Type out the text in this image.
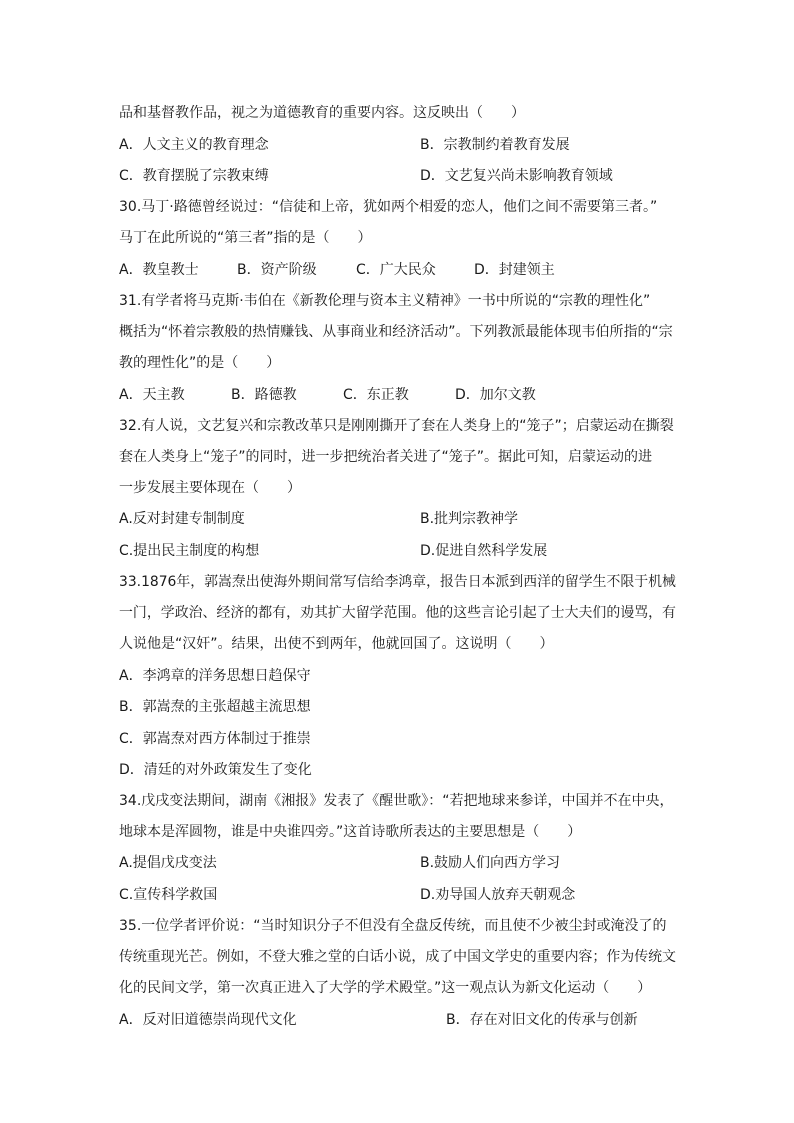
品和基督教作品，视之为道德教育的重要内容。这反映出（　　）
A．人文主义的教育理念	B．宗教制约着教育发展
C．教育摆脱了宗教束缚	D．文艺复兴尚未影响教育领域
30.马丁·路德曾经说过：“信徒和上帝，犹如两个相爱的恋人，他们之间不需要第三者。”
马丁在此所说的“第三者”指的是（　　）
A．教皇教士	B．资产阶级	C．广大民众	D．封建领主
31.有学者将马克斯·韦伯在《新教伦理与资本主义精神》一书中所说的“宗教的理性化”
概括为“怀着宗教般的热情赚钱、从事商业和经济活动”。下列教派最能体现韦伯所指的“宗
教的理性化”的是（　　）
A．天主教	B．路德教	C．东正教	D．加尔文教
32.有人说，文艺复兴和宗教改革只是刚刚撕开了套在人类身上的“笼子”；启蒙运动在撕裂
套在人类身上“笼子”的同时，进一步把统治者关进了“笼子”。据此可知，启蒙运动的进
一步发展主要体现在（　　）
A.反对封建专制制度	B.批判宗教神学
C.提出民主制度的构想	D.促进自然科学发展
33.1876年，郭嵩焘出使海外期间常写信给李鸿章，报告日本派到西洋的留学生不限于机械
一门，学政治、经济的都有，劝其扩大留学范围。他的这些言论引起了士大夫们的谩骂，有
人说他是“汉奸”。结果，出使不到两年，他就回国了。这说明（　　）
A．李鸿章的洋务思想日趋保守
B．郭嵩焘的主张超越主流思想
C．郭嵩焘对西方体制过于推崇
D．清廷的对外政策发生了变化
34.戊戌变法期间，湖南《湘报》发表了《醒世歌》：“若把地球来参详，中国并不在中央，
地球本是浑圆物，谁是中央谁四旁。”这首诗歌所表达的主要思想是（　　）
A.提倡戊戌变法	B.鼓励人们向西方学习
C.宣传科学救国	D.劝导国人放弃天朝观念
35.一位学者评价说：“当时知识分子不但没有全盘反传统，而且使不少被尘封或淹没了的
传统重现光芒。例如，不登大雅之堂的白话小说，成了中国文学史的重要内容；作为传统文
化的民间文学，第一次真正进入了大学的学术殿堂。”这一观点认为新文化运动（　　）
A．反对旧道德崇尚现代文化	B．存在对旧文化的传承与创新
